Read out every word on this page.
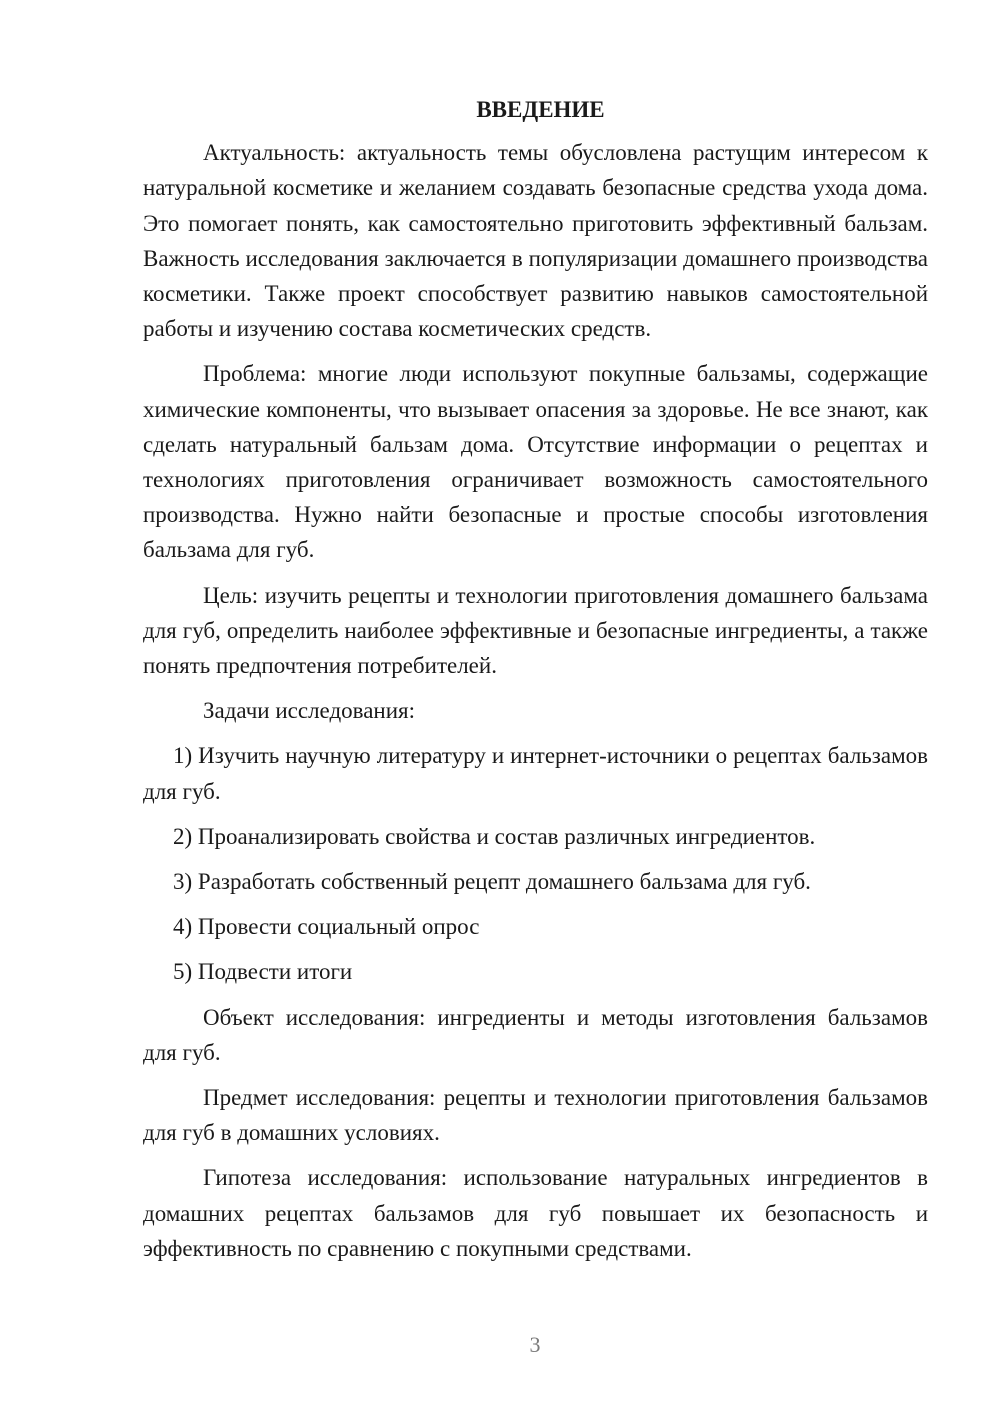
ВВЕДЕНИЕ

Актуальность: актуальность темы обусловлена растущим интересом к натуральной косметике и желанием создавать безопасные средства ухода дома. Это помогает понять, как самостоятельно приготовить эффективный бальзам. Важность исследования заключается в популяризации домашнего производства косметики. Также проект способствует развитию навыков самостоятельной работы и изучению состава косметических средств.

Проблема: многие люди используют покупные бальзамы, содержащие химические компоненты, что вызывает опасения за здоровье. Не все знают, как сделать натуральный бальзам дома. Отсутствие информации о рецептах и технологиях приготовления ограничивает возможность самостоятельного производства. Нужно найти безопасные и простые способы изготовления бальзама для губ.

Цель: изучить рецепты и технологии приготовления домашнего бальзама для губ, определить наиболее эффективные и безопасные ингредиенты, а также понять предпочтения потребителей.

Задачи исследования:

1) Изучить научную литературу и интернет-источники о рецептах бальзамов для губ.

2) Проанализировать свойства и состав различных ингредиентов.

3) Разработать собственный рецепт домашнего бальзама для губ.

4) Провести социальный опрос

5) Подвести итоги

Объект исследования: ингредиенты и методы изготовления бальзамов для губ.

Предмет исследования: рецепты и технологии приготовления бальзамов для губ в домашних условиях.

Гипотеза исследования: использование натуральных ингредиентов в домашних рецептах бальзамов для губ повышает их безопасность и эффективность по сравнению с покупными средствами.

3
